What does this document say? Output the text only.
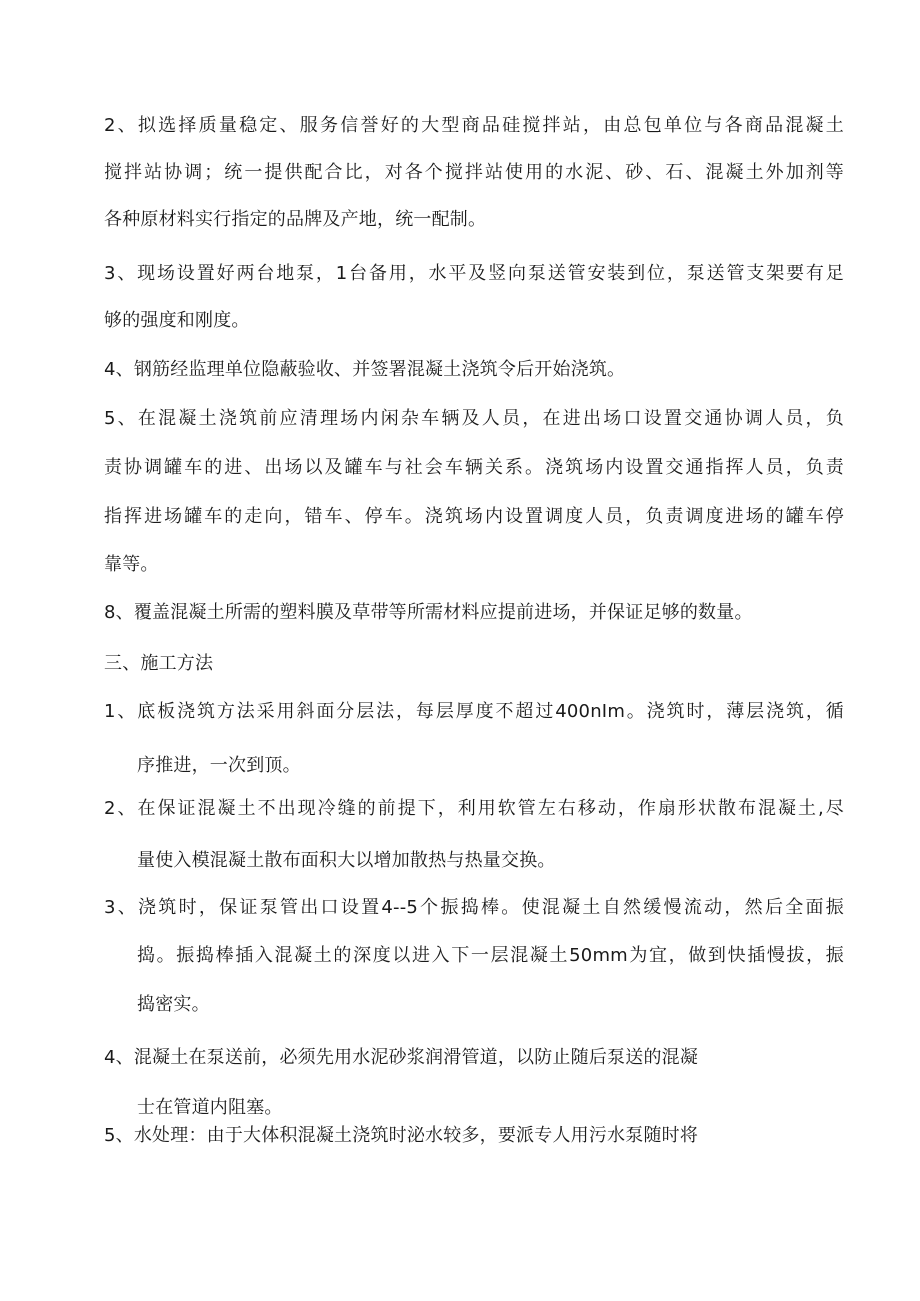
2、拟选择质量稳定、服务信誉好的大型商品硅搅拌站，由总包单位与各商品混凝土
搅拌站协调；统一提供配合比，对各个搅拌站使用的水泥、砂、石、混凝土外加剂等
各种原材料实行指定的品牌及产地，统一配制。
3、现场设置好两台地泵，1台备用，水平及竖向泵送管安装到位，泵送管支架要有足
够的强度和刚度。
4、钢筋经监理单位隐蔽验收、并签署混凝土浇筑令后开始浇筑。
5、在混凝土浇筑前应清理场内闲杂车辆及人员，在进出场口设置交通协调人员，负
责协调罐车的进、出场以及罐车与社会车辆关系。浇筑场内设置交通指挥人员，负责
指挥进场罐车的走向，错车、停车。浇筑场内设置调度人员，负责调度进场的罐车停
靠等。
8、覆盖混凝土所需的塑料膜及草带等所需材料应提前进场，并保证足够的数量。
三、施工方法
1、底板浇筑方法采用斜面分层法，每层厚度不超过400nIm。浇筑时，薄层浇筑，循
序推进，一次到顶。
2、在保证混凝土不出现冷缝的前提下，利用软管左右移动，作扇形状散布混凝土,尽
量使入模混凝土散布面积大以增加散热与热量交换。
3、浇筑时，保证泵管出口设置4--5个振捣棒。使混凝土自然缓慢流动，然后全面振
捣。振捣棒插入混凝土的深度以进入下一层混凝土50mm为宜，做到快插慢拔，振
捣密实。
4、混凝土在泵送前，必须先用水泥砂浆润滑管道，以防止随后泵送的混凝
士在管道内阻塞。
5、水处理：由于大体积混凝土浇筑时泌水较多，要派专人用污水泵随时将
